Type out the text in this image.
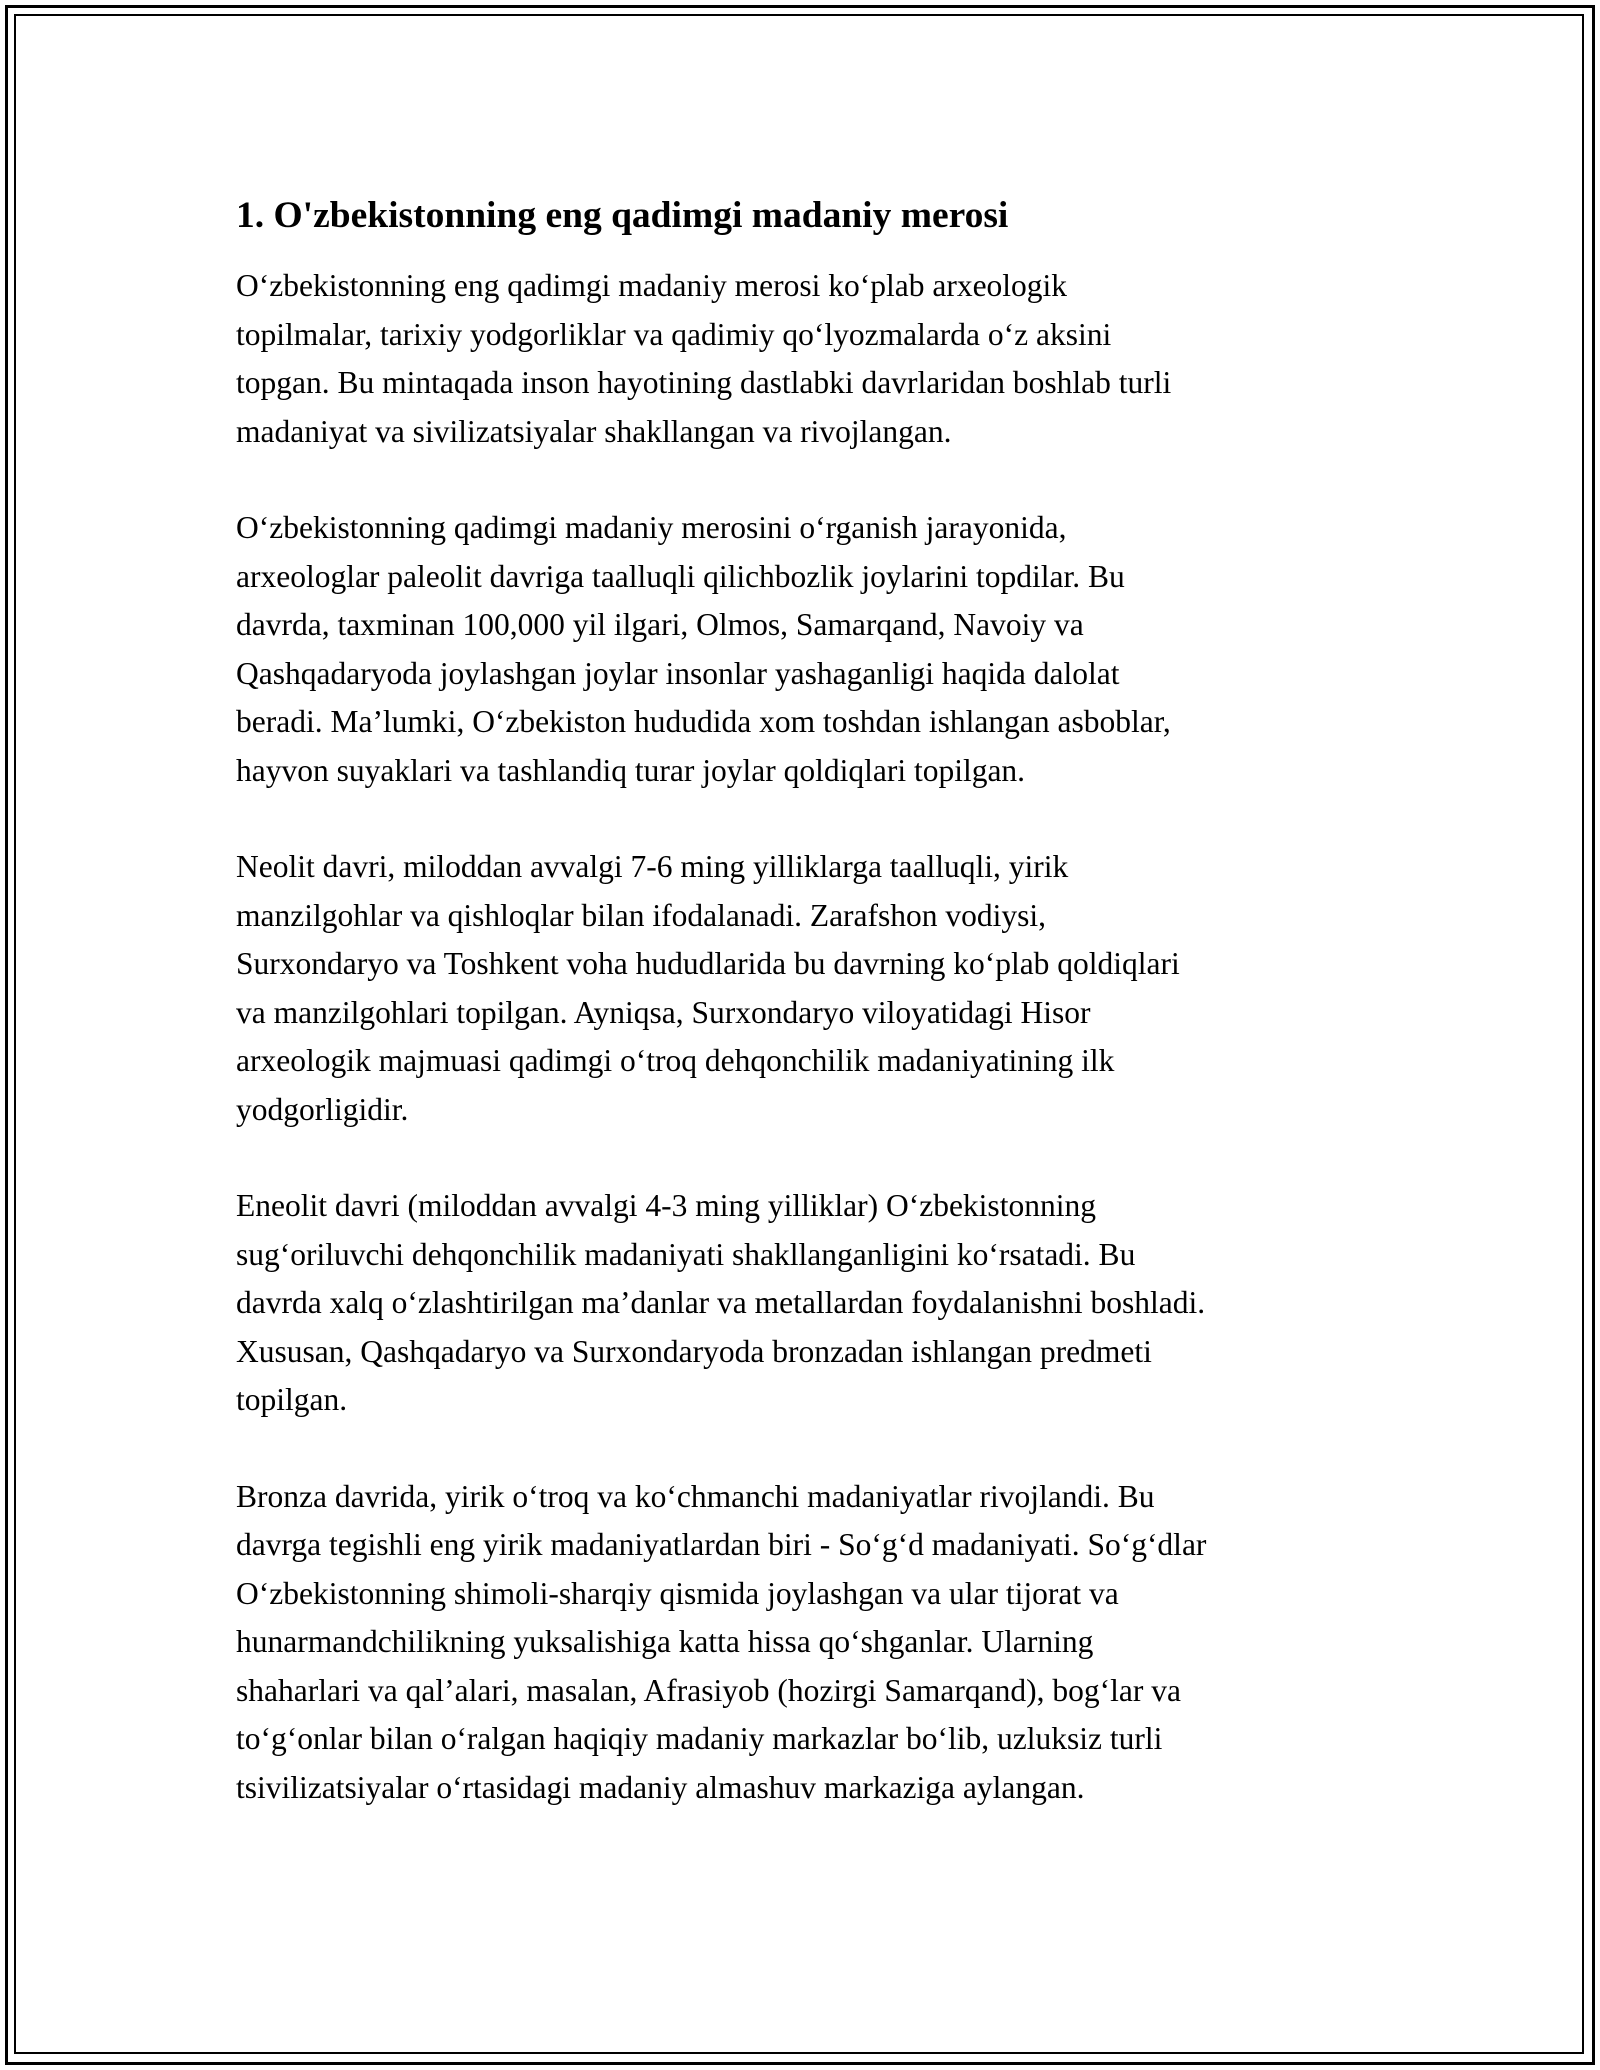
1. O'zbekistonning eng qadimgi madaniy merosi

O‘zbekistonning eng qadimgi madaniy merosi ko‘plab arxeologik
topilmalar, tarixiy yodgorliklar va qadimiy qo‘lyozmalarda o‘z aksini
topgan. Bu mintaqada inson hayotining dastlabki davrlaridan boshlab turli
madaniyat va sivilizatsiyalar shakllangan va rivojlangan.

O‘zbekistonning qadimgi madaniy merosini o‘rganish jarayonida,
arxeologlar paleolit davriga taalluqli qilichbozlik joylarini topdilar. Bu
davrda, taxminan 100,000 yil ilgari, Olmos, Samarqand, Navoiy va
Qashqadaryoda joylashgan joylar insonlar yashaganligi haqida dalolat
beradi. Ma’lumki, O‘zbekiston hududida xom toshdan ishlangan asboblar,
hayvon suyaklari va tashlandiq turar joylar qoldiqlari topilgan.

Neolit davri, miloddan avvalgi 7-6 ming yilliklarga taalluqli, yirik
manzilgohlar va qishloqlar bilan ifodalanadi. Zarafshon vodiysi,
Surxondaryo va Toshkent voha hududlarida bu davrning ko‘plab qoldiqlari
va manzilgohlari topilgan. Ayniqsa, Surxondaryo viloyatidagi Hisor
arxeologik majmuasi qadimgi o‘troq dehqonchilik madaniyatining ilk
yodgorligidir.

Eneolit davri (miloddan avvalgi 4-3 ming yilliklar) O‘zbekistonning
sug‘oriluvchi dehqonchilik madaniyati shakllanganligini ko‘rsatadi. Bu
davrda xalq o‘zlashtirilgan ma’danlar va metallardan foydalanishni boshladi.
Xususan, Qashqadaryo va Surxondaryoda bronzadan ishlangan predmeti
topilgan.

Bronza davrida, yirik o‘troq va ko‘chmanchi madaniyatlar rivojlandi. Bu
davrga tegishli eng yirik madaniyatlardan biri - So‘g‘d madaniyati. So‘g‘dlar
O‘zbekistonning shimoli-sharqiy qismida joylashgan va ular tijorat va
hunarmandchilikning yuksalishiga katta hissa qo‘shganlar. Ularning
shaharlari va qal’alari, masalan, Afrasiyob (hozirgi Samarqand), bog‘lar va
to‘g‘onlar bilan o‘ralgan haqiqiy madaniy markazlar bo‘lib, uzluksiz turli
tsivilizatsiyalar o‘rtasidagi madaniy almashuv markaziga aylangan.
